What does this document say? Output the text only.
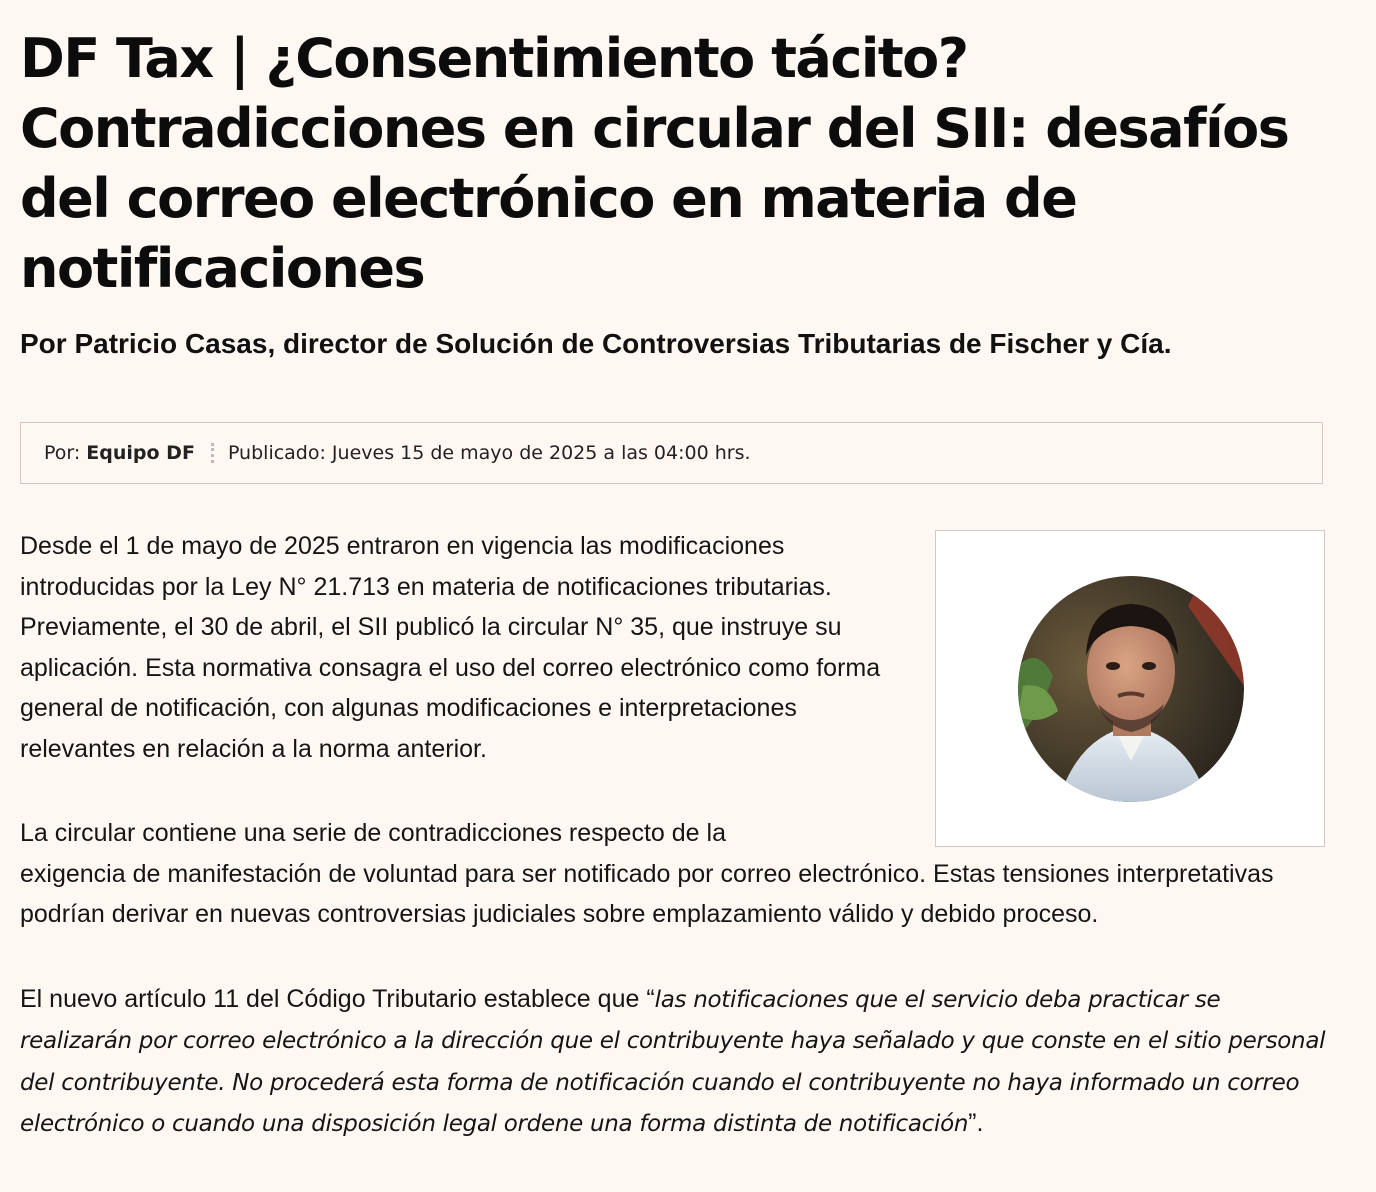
DF Tax | ¿Consentimiento tácito? Contradicciones en circular del SII: desafíos del correo electrónico en materia de notificaciones
Por Patricio Casas, director de Solución de Controversias Tributarias de Fischer y Cía.
Por: Equipo DF Publicado: Jueves 15 de mayo de 2025 a las 04:00 hrs.

Desde el 1 de mayo de 2025 entraron en vigencia las modificaciones introducidas por la Ley N° 21.713 en materia de notificaciones tributarias. Previamente, el 30 de abril, el SII publicó la circular N° 35, que instruye su aplicación. Esta normativa consagra el uso del correo electrónico como forma general de notificación, con algunas modificaciones e interpretaciones relevantes en relación a la norma anterior.

La circular contiene una serie de contradicciones respecto de la
exigencia de manifestación de voluntad para ser notificado por correo electrónico. Estas tensiones interpretativas podrían derivar en nuevas controversias judiciales sobre emplazamiento válido y debido proceso.

El nuevo artículo 11 del Código Tributario establece que “las notificaciones que el servicio deba practicar se realizarán por correo electrónico a la dirección que el contribuyente haya señalado y que conste en el sitio personal del contribuyente. No procederá esta forma de notificación cuando el contribuyente no haya informado un correo electrónico o cuando una disposición legal ordene una forma distinta de notificación”.
